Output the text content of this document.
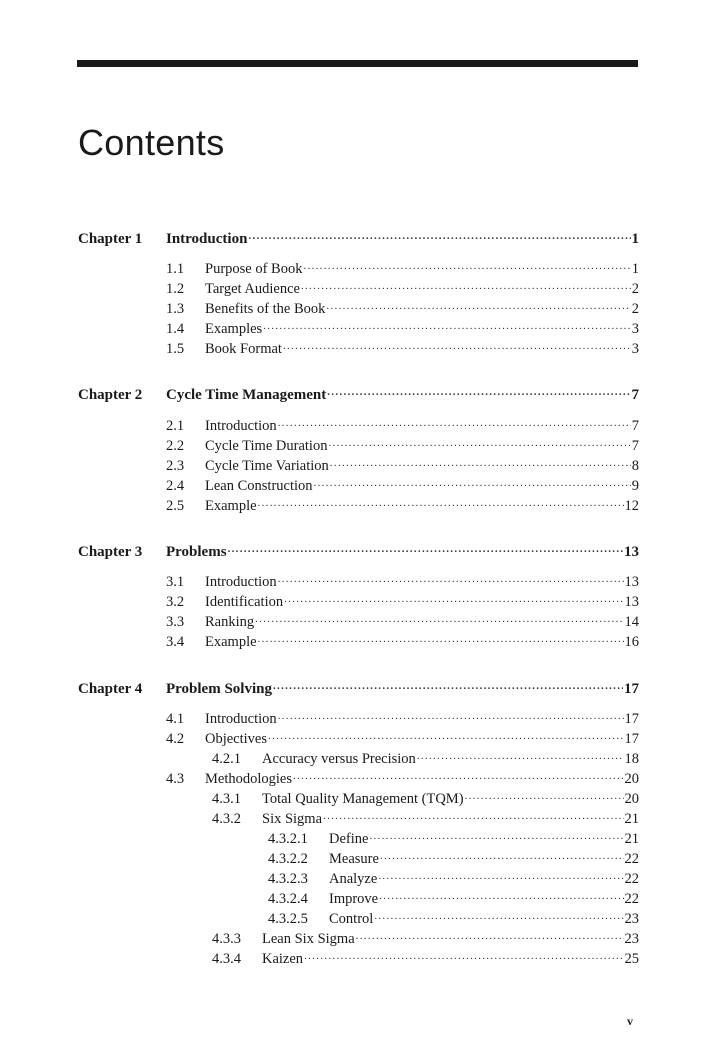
Contents
Chapter 1	Introduction .....	1
1.1	Purpose of Book .....	1
1.2	Target Audience .....	2
1.3	Benefits of the Book .....	2
1.4	Examples .....	3
1.5	Book Format .....	3
Chapter 2	Cycle Time Management .....	7
2.1	Introduction .....	7
2.2	Cycle Time Duration .....	7
2.3	Cycle Time Variation .....	8
2.4	Lean Construction .....	9
2.5	Example .....	12
Chapter 3	Problems .....	13
3.1	Introduction .....	13
3.2	Identification .....	13
3.3	Ranking .....	14
3.4	Example .....	16
Chapter 4	Problem Solving .....	17
4.1	Introduction .....	17
4.2	Objectives .....	17
4.2.1	Accuracy versus Precision .....	18
4.3	Methodologies .....	20
4.3.1	Total Quality Management (TQM) .....	20
4.3.2	Six Sigma .....	21
4.3.2.1	Define .....	21
4.3.2.2	Measure .....	22
4.3.2.3	Analyze .....	22
4.3.2.4	Improve .....	22
4.3.2.5	Control .....	23
4.3.3	Lean Six Sigma .....	23
4.3.4	Kaizen .....	25
v
